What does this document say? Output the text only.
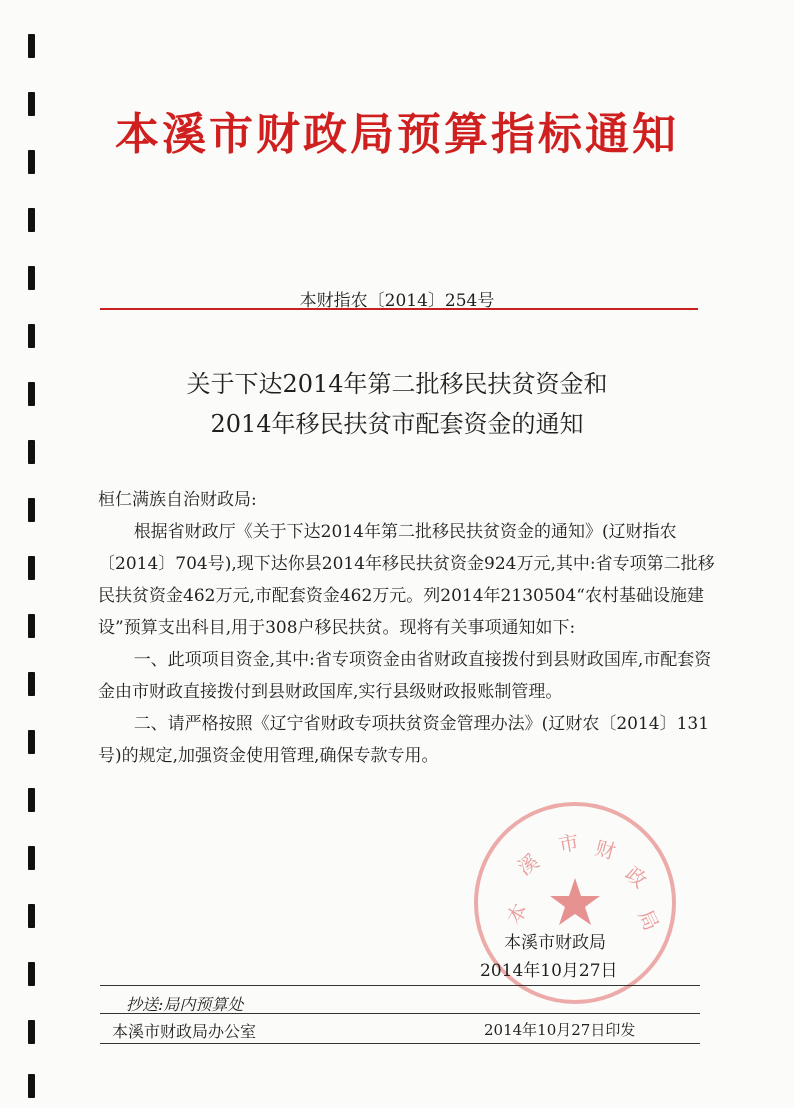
本溪市财政局预算指标通知
本财指农〔2014〕254号
关于下达2014年第二批移民扶贫资金和
2014年移民扶贫市配套资金的通知

桓仁满族自治财政局:

根据省财政厅《关于下达2014年第二批移民扶贫资金的通知》(辽财指农〔2014〕704号),现下达你县2014年移民扶贫资金924万元,其中:省专项第二批移民扶贫资金462万元,市配套资金462万元。列2014年2130504“农村基础设施建设”预算支出科目,用于308户移民扶贫。现将有关事项通知如下:

一、此项项目资金,其中:省专项资金由省财政直接拨付到县财政国库,市配套资金由市财政直接拨付到县财政国库,实行县级财政报账制管理。

二、请严格按照《辽宁省财政专项扶贫资金管理办法》(辽财农〔2014〕131号)的规定,加强资金使用管理,确保专款专用。

本
溪
市 财
政
局
本溪市财政局
2014年10月27日
抄送:局内预算处
本溪市财政局办公室	2014年10月27日印发
